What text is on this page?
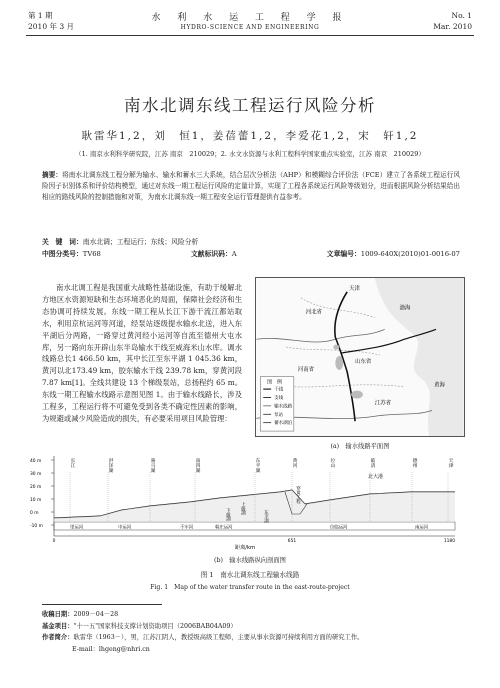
第 1 期
2010 年 3 月
水 利 水 运 工 程 学 报
HYDRO-SCIENCE AND ENGINEERING
No. 1
Mar. 2010
南水北调东线工程运行风险分析
耿雷华1,2，刘　恒1，姜蓓蕾1,2，李爱花1,2，宋　轩1,2
（1. 南京水利科学研究院，江苏 南京　210029；2. 水文水资源与水利工程科学国家重点实验室，江苏 南京　210029）
摘要：将南水北调东线工程分解为输水、输水和蓄水三大系统，结合层次分析法（AHP）和模糊综合评价法（FCE）建立了各系统工程运行风险因子识别体系和评价结构模型，通过对东线一期工程运行风险的定量计算，实现了工程各系统运行风险等级划分，进而根据风险分析结果给出相应的路线风险的控制措施和对策，为南水北调东线一期工程安全运行管理提供有益参考。
关　键　词：南水北调；工程运行；东线；风险分析
中图分类号：TV68	文献标识码：A	文章编号：1009-640X(2010)01-0016-07
南水北调工程是我国重大战略性基础设施，有助于缓解北方地区水资源短缺和生态环境恶化的局面，保障社会经济和生态协调可持续发展。东线一期工程从长江下游干流江都站取水，利用京杭运河等河道，经泵站逐级提水输水北送，进入东平湖后分两路，一路穿过黄河经小运河等自流至德州大屯水库，另一路向东开辟山东半岛输水干线至威海米山水库。调水线路总长1 466.50 km，其中长江至东平湖 1 045.36 km，黄河以北173.49 km，胶东输水干线 239.78 km，穿黄河段 7.87 km[1]。全线共建设 13 个梯级泵站，总扬程约 65 m。东线一期工程输水线路示意图见图 1。由于输水线路长，涉及工程多，工程运行将不可避免受到各类不确定性因素的影响，为规避或减少风险造成的损失，有必要采用项目风险管理：
天津
河北省
山东省
江苏省
河南省
渤海
黄海
图　例
干线
支线
输水线路
泵站
蓄水湖泊
(a)　输水线路平面图
40 m
30 m
20 m
10 m
0 m
-10 m	里运河	中运河	不牢河	韩庄运河	位临运河	南运河
长江	洪泽湖	骆马湖	南四湖	东平湖	黄河	位山	临清	德州	天津
下级湖 上级湖
穿黄工程
东平湖
距离/km
0	651	1180
北大港
(b)　输水线路纵向剖面图
图 1　南水北调东线工程输水线路
Fig. 1　Map of the water transfer route in the east-route-project
收稿日期：2009－04－28
基金项目："十一五"国家科技支撑计划资助项目（2006BAB04A09）
作者简介：耿雷华（1963－），男，江苏江阴人，教授级高级工程师，主要从事水资源可持续利用方面的研究工作。
E-mail：lhgeng@nhri.cn
